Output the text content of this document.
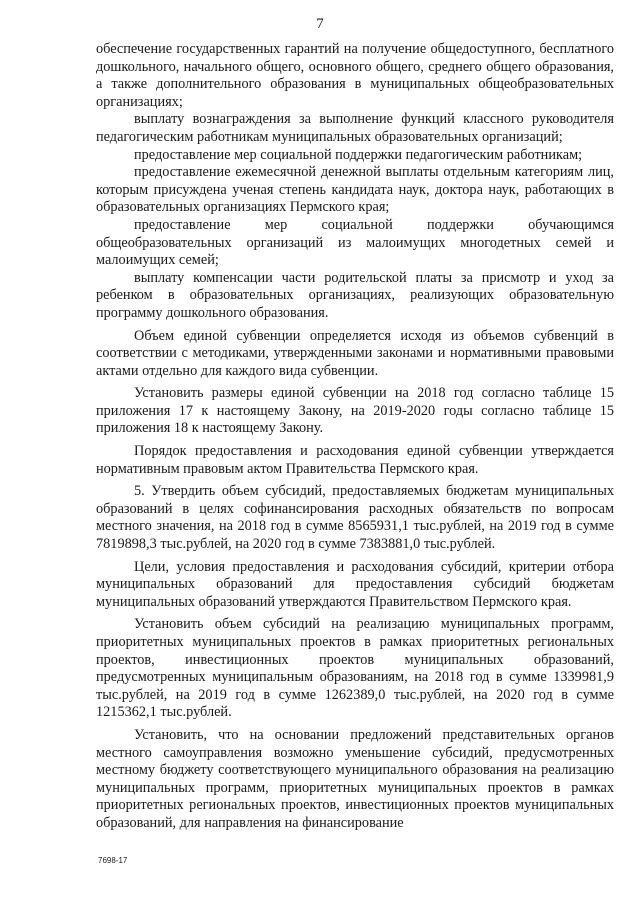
7

обеспечение государственных гарантий на получение общедоступного, бесплатного дошкольного, начального общего, основного общего, среднего общего образования, а также дополнительного образования в муниципальных общеобразовательных организациях;

выплату вознаграждения за выполнение функций классного руководителя педагогическим работникам муниципальных образовательных организаций;

предоставление мер социальной поддержки педагогическим работникам;

предоставление ежемесячной денежной выплаты отдельным категориям лиц, которым присуждена ученая степень кандидата наук, доктора наук, работающих в образовательных организациях Пермского края;

предоставление мер социальной поддержки обучающимся общеобразовательных организаций из малоимущих многодетных семей и малоимущих семей;

выплату компенсации части родительской платы за присмотр и уход за ребенком в образовательных организациях, реализующих образовательную программу дошкольного образования.

Объем единой субвенции определяется исходя из объемов субвенций в соответствии с методиками, утвержденными законами и нормативными правовыми актами отдельно для каждого вида субвенции.

Установить размеры единой субвенции на 2018 год согласно таблице 15 приложения 17 к настоящему Закону, на 2019-2020 годы согласно таблице 15 приложения 18 к настоящему Закону.

Порядок предоставления и расходования единой субвенции утверждается нормативным правовым актом Правительства Пермского края.

5. Утвердить объем субсидий, предоставляемых бюджетам муниципальных образований в целях софинансирования расходных обязательств по вопросам местного значения, на 2018 год в сумме 8565931,1 тыс.рублей, на 2019 год в сумме 7819898,3 тыс.рублей, на 2020 год в сумме 7383881,0 тыс.рублей.

Цели, условия предоставления и расходования субсидий, критерии отбора муниципальных образований для предоставления субсидий бюджетам муниципальных образований утверждаются Правительством Пермского края.

Установить объем субсидий на реализацию муниципальных программ, приоритетных муниципальных проектов в рамках приоритетных региональных проектов, инвестиционных проектов муниципальных образований, предусмотренных муниципальным образованиям, на 2018 год в сумме 1339981,9 тыс.рублей, на 2019 год в сумме 1262389,0 тыс.рублей, на 2020 год в сумме 1215362,1 тыс.рублей.

Установить, что на основании предложений представительных органов местного самоуправления возможно уменьшение субсидий, предусмотренных местному бюджету соответствующего муниципального образования на реализацию муниципальных программ, приоритетных муниципальных проектов в рамках приоритетных региональных проектов, инвестиционных проектов муниципальных образований, для направления на финансирование

7698-17
